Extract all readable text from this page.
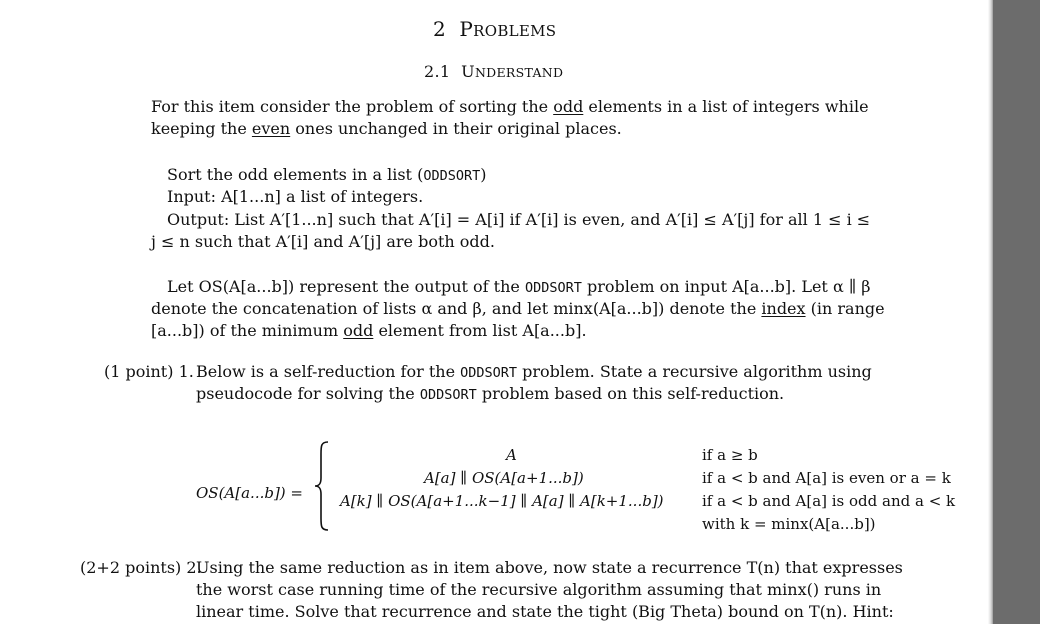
2 PROBLEMS
2.1 UNDERSTAND
For this item consider the problem of sorting the odd elements in a list of integers while
keeping the even ones unchanged in their original places.
Sort the odd elements in a list (ODDSORT)
Input: A[1...n] a list of integers.
Output: List A′[1...n] such that A′[i] = A[i] if A′[i] is even, and A′[i] ≤ A′[j] for all 1 ≤ i ≤
j ≤ n such that A′[i] and A′[j] are both odd.
Let OS(A[a...b]) represent the output of the ODDSORT problem on input A[a...b]. Let α ∥ β
denote the concatenation of lists α and β, and let minx(A[a...b]) denote the index (in range
[a...b]) of the minimum odd element from list A[a...b].
(1 point) 1. Below is a self-reduction for the ODDSORT problem. State a recursive algorithm using
pseudocode for solving the ODDSORT problem based on this self-reduction.
OS(A[a...b]) =
A
A[a] ∥ OS(A[a+1...b])
A[k] ∥ OS(A[a+1...k−1] ∥ A[a] ∥ A[k+1...b])
if a ≥ b
if a < b and A[a] is even or a = k
if a < b and A[a] is odd and a < k
with k = minx(A[a...b])
(2+2 points) 2.
Using the same reduction as in item above, now state a recurrence T(n) that expresses
the worst case running time of the recursive algorithm assuming that minx() runs in
linear time. Solve that recurrence and state the tight (Big Theta) bound on T(n). Hint:
